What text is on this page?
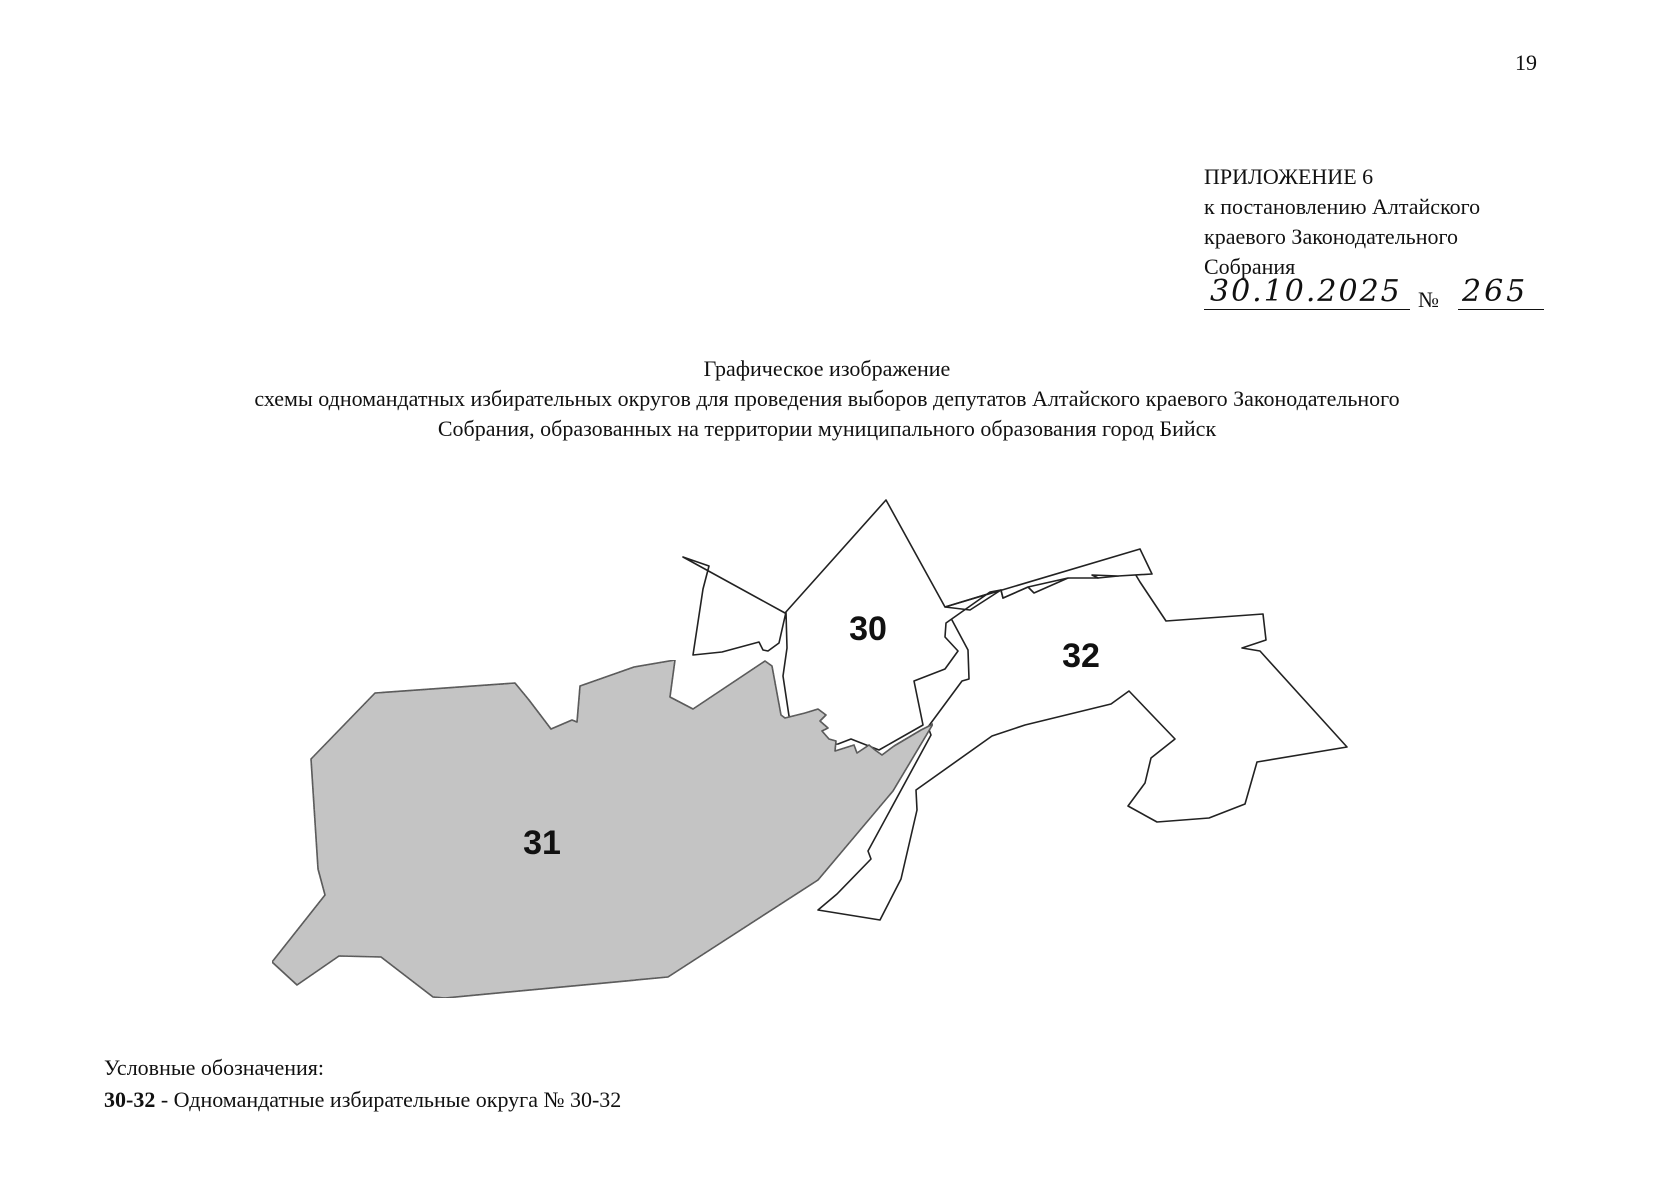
19
ПРИЛОЖЕНИЕ 6
к постановлению Алтайского
краевого Законодательного
Собрания
30.10.2025 № 265
Графическое изображение
схемы одномандатных избирательных округов для проведения выборов депутатов Алтайского краевого Законодательного
Собрания, образованных на территории муниципального образования город Бийск
30
31
32
Условные обозначения:
30-32 - Одномандатные избирательные округа № 30-32
